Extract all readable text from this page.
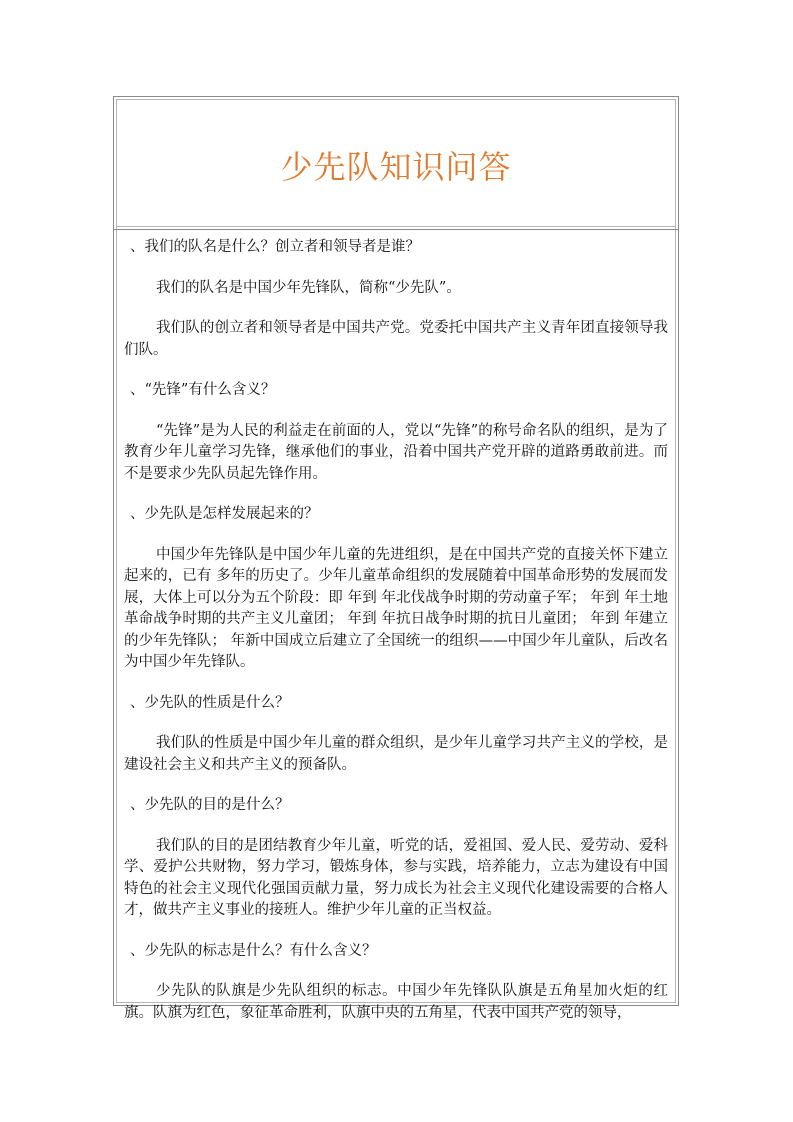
少先队知识问答

、我们的队名是什么？创立者和领导者是谁？

我们的队名是中国少年先锋队，简称“少先队”。

我们队的创立者和领导者是中国共产党。党委托中国共产主义青年团直接领导我们队。

、“先锋”有什么含义？

“先锋”是为人民的利益走在前面的人，党以“先锋”的称号命名队的组织，是为了教育少年儿童学习先锋，继承他们的事业，沿着中国共产党开辟的道路勇敢前进。而不是要求少先队员起先锋作用。

、少先队是怎样发展起来的？

中国少年先锋队是中国少年儿童的先进组织，是在中国共产党的直接关怀下建立起来的，已有 多年的历史了。少年儿童革命组织的发展随着中国革命形势的发展而发展，大体上可以分为五个阶段：即 年到 年北伐战争时期的劳动童子军； 年到 年土地革命战争时期的共产主义儿童团； 年到 年抗日战争时期的抗日儿童团； 年到 年建立的少年先锋队； 年新中国成立后建立了全国统一的组织——中国少年儿童队，后改名为中国少年先锋队。

、少先队的性质是什么？

我们队的性质是中国少年儿童的群众组织，是少年儿童学习共产主义的学校，是建设社会主义和共产主义的预备队。

、少先队的目的是什么？

我们队的目的是团结教育少年儿童，听党的话，爱祖国、爱人民、爱劳动、爱科学、爱护公共财物，努力学习，锻炼身体，参与实践，培养能力，立志为建设有中国特色的社会主义现代化强国贡献力量，努力成长为社会主义现代化建设需要的合格人才，做共产主义事业的接班人。维护少年儿童的正当权益。

、少先队的标志是什么？有什么含义？

少先队的队旗是少先队组织的标志。中国少年先锋队队旗是五角星加火炬的红旗。队旗为红色，象征革命胜利，队旗中央的五角星，代表中国共产党的领导，
